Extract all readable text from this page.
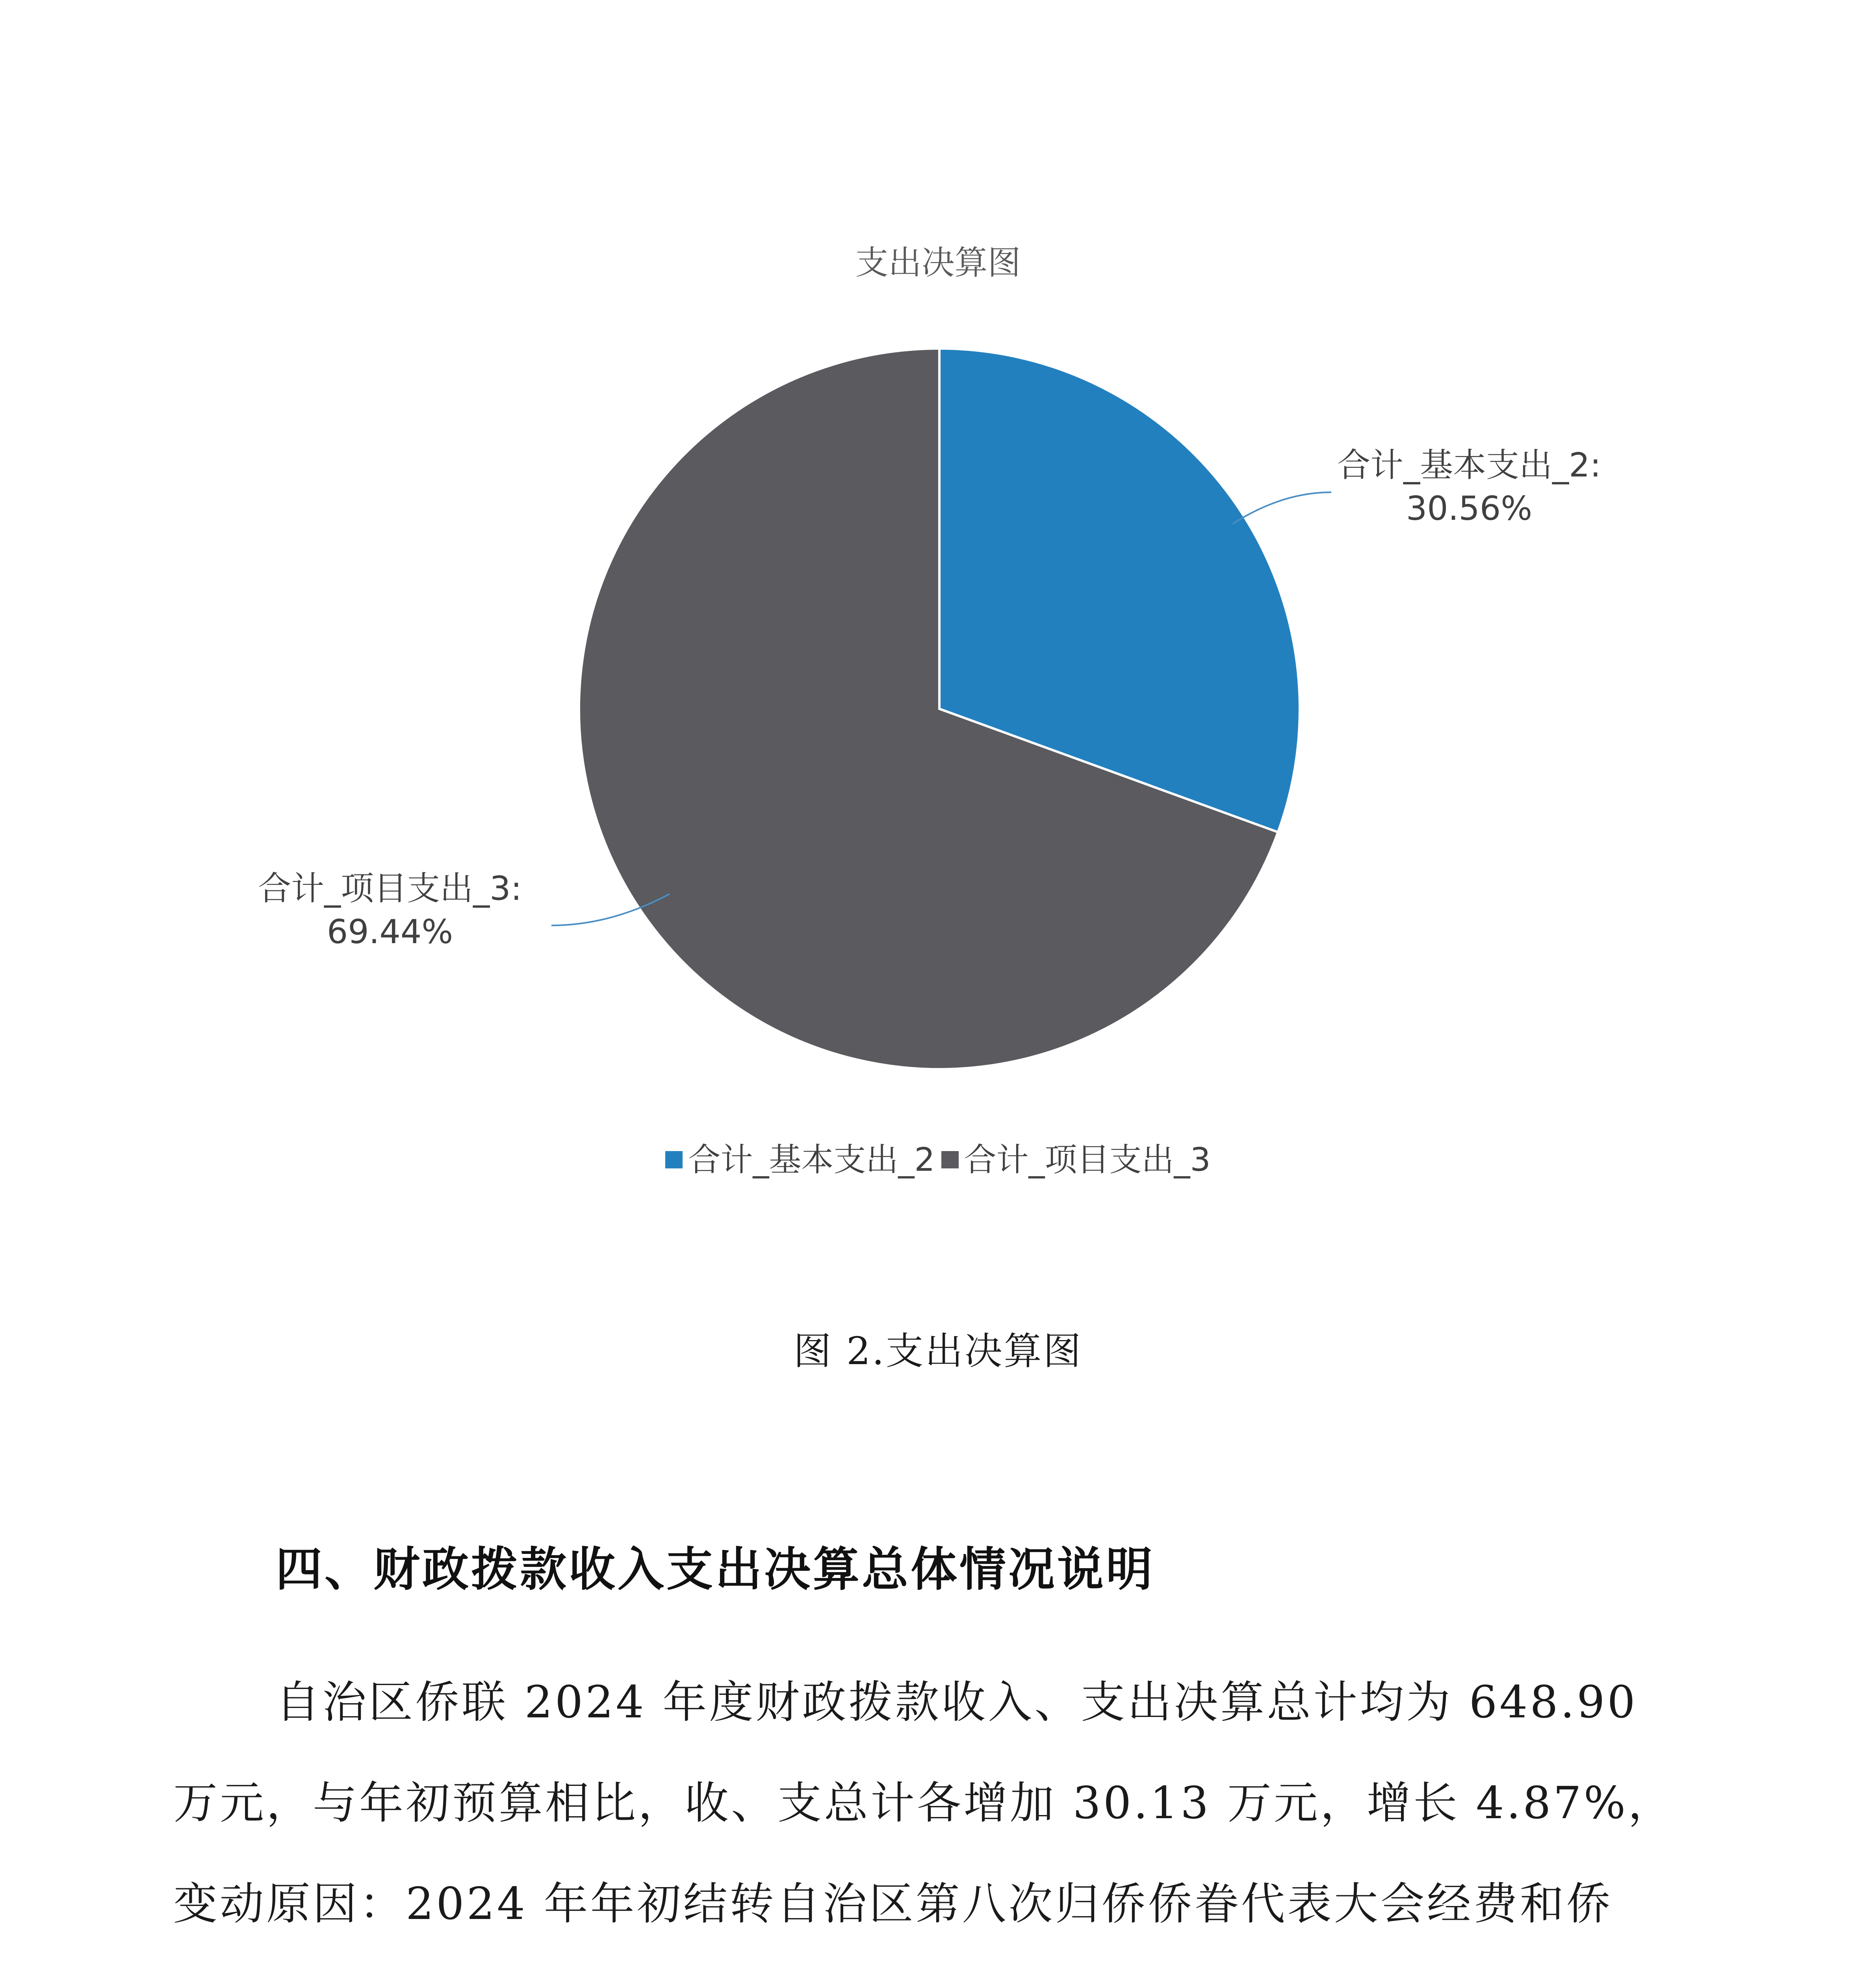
支出决算图
合计_基本支出_2:
30.56%
合计_项目支出_3:
69.44%
合计_基本支出_2 合计_项目支出_3
图 2.支出决算图
四、财政拨款收入支出决算总体情况说明
自治区侨联 2024 年度财政拨款收入、支出决算总计均为 648.90
万元，与年初预算相比，收、支总计各增加 30.13 万元，增长 4.87%，
变动原因：2024 年年初结转自治区第八次归侨侨眷代表大会经费和侨
